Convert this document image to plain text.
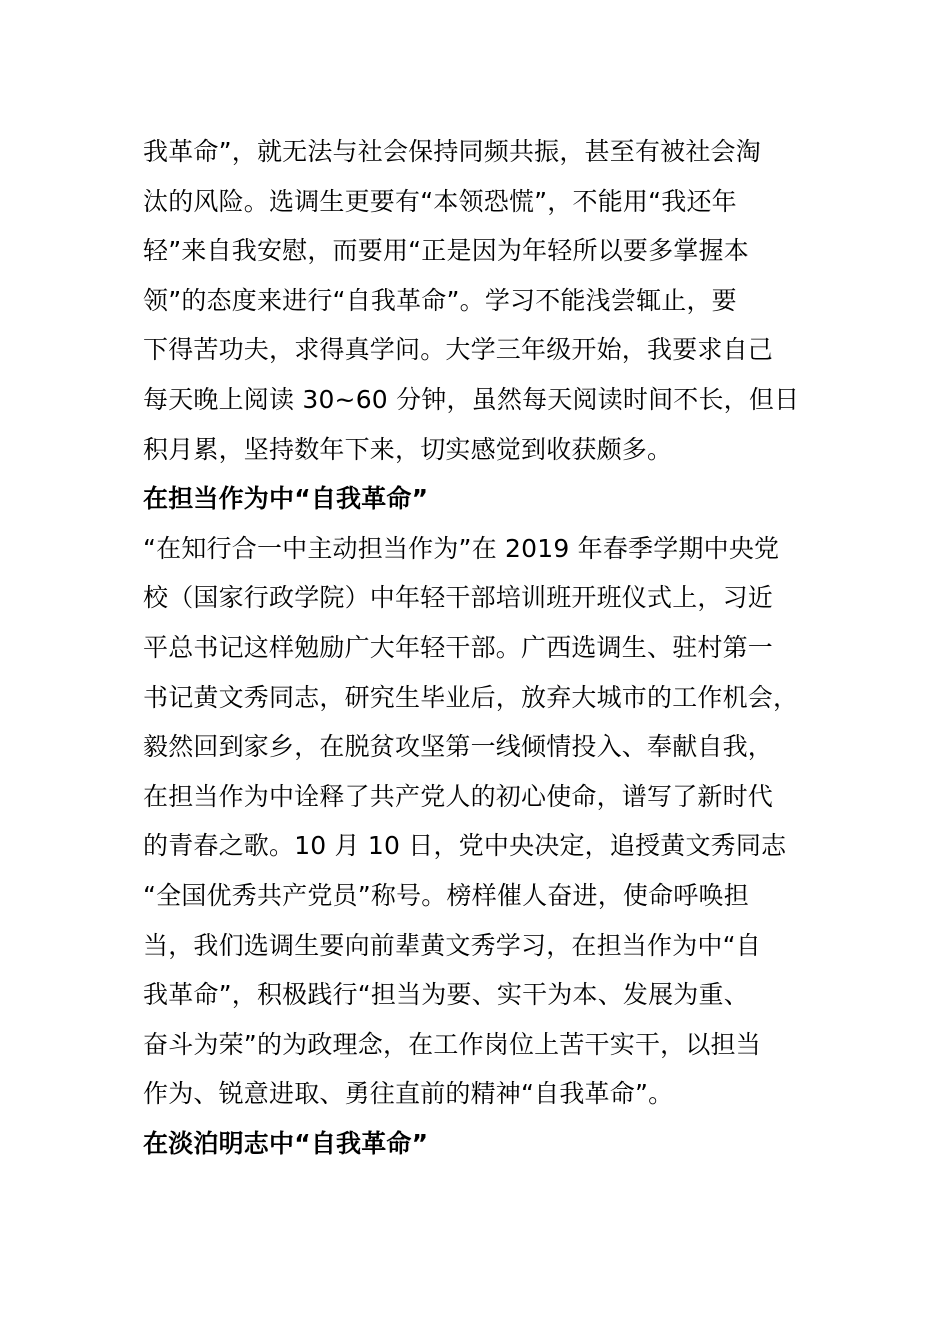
我革命”，就无法与社会保持同频共振，甚至有被社会淘
汰的风险。选调生更要有“本领恐慌”，不能用“我还年
轻”来自我安慰，而要用“正是因为年轻所以要多掌握本
领”的态度来进行“自我革命”。学习不能浅尝辄止，要
下得苦功夫，求得真学问。大学三年级开始，我要求自己
每天晚上阅读 30~60 分钟，虽然每天阅读时间不长，但日
积月累，坚持数年下来，切实感觉到收获颇多。
在担当作为中“自我革命”
“在知行合一中主动担当作为”在 2019 年春季学期中央党
校（国家行政学院）中年轻干部培训班开班仪式上，习近
平总书记这样勉励广大年轻干部。广西选调生、驻村第一
书记黄文秀同志，研究生毕业后，放弃大城市的工作机会，
毅然回到家乡，在脱贫攻坚第一线倾情投入、奉献自我，
在担当作为中诠释了共产党人的初心使命，谱写了新时代
的青春之歌。10 月 10 日，党中央决定，追授黄文秀同志
“全国优秀共产党员”称号。榜样催人奋进，使命呼唤担
当，我们选调生要向前辈黄文秀学习，在担当作为中“自
我革命”，积极践行“担当为要、实干为本、发展为重、
奋斗为荣”的为政理念，在工作岗位上苦干实干，以担当
作为、锐意进取、勇往直前的精神“自我革命”。
在淡泊明志中“自我革命”
